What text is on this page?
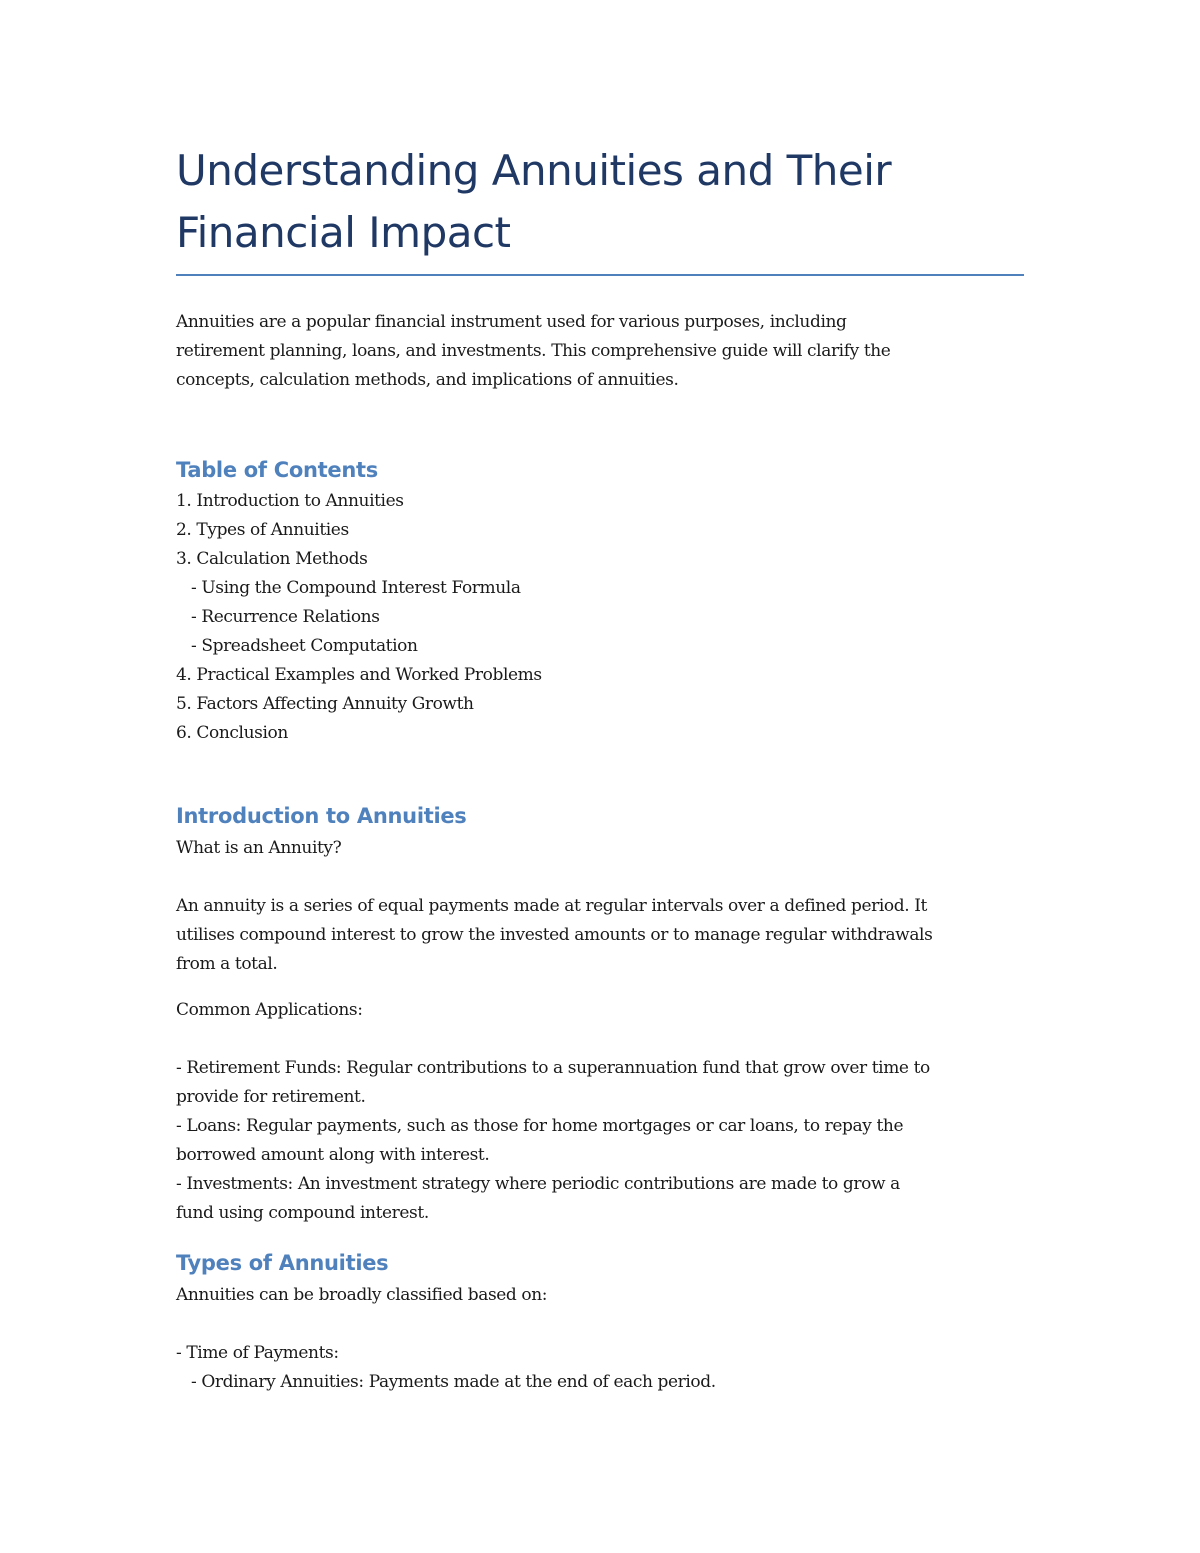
Understanding Annuities and Their Financial Impact

Annuities are a popular financial instrument used for various purposes, including
retirement planning, loans, and investments. This comprehensive guide will clarify the
concepts, calculation methods, and implications of annuities.

Table of Contents
1. Introduction to Annuities
2. Types of Annuities
3. Calculation Methods
- Using the Compound Interest Formula
- Recurrence Relations
- Spreadsheet Computation
4. Practical Examples and Worked Problems
5. Factors Affecting Annuity Growth
6. Conclusion
Introduction to Annuities

What is an Annuity?

An annuity is a series of equal payments made at regular intervals over a defined period. It
utilises compound interest to grow the invested amounts or to manage regular withdrawals
from a total.

Common Applications:

- Retirement Funds: Regular contributions to a superannuation fund that grow over time to
provide for retirement.
- Loans: Regular payments, such as those for home mortgages or car loans, to repay the
borrowed amount along with interest.
- Investments: An investment strategy where periodic contributions are made to grow a
fund using compound interest.

Types of Annuities

Annuities can be broadly classified based on:

- Time of Payments:
- Ordinary Annuities: Payments made at the end of each period.
